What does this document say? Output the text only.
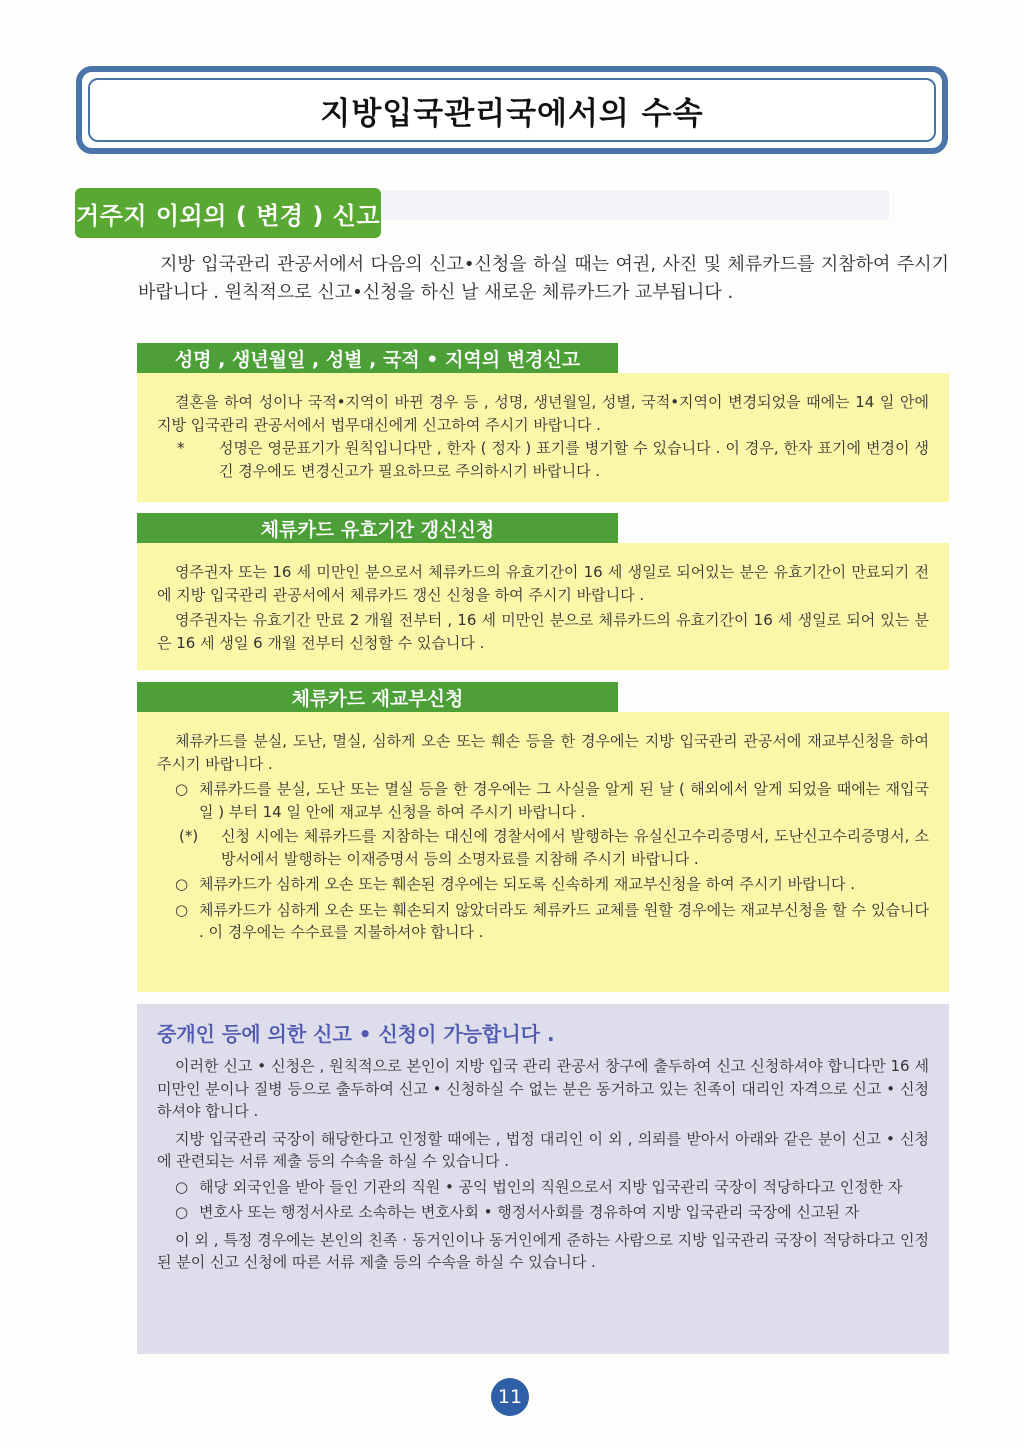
지방입국관리국에서의 수속
거주지 이외의 ( 변경 ) 신고

지방 입국관리 관공서에서 다음의 신고•신청을 하실 때는 여권, 사진 및 체류카드를 지참하여 주시기 바랍니다 . 원칙적으로 신고•신청을 하신 날 새로운 체류카드가 교부됩니다 .

성명 , 생년월일 , 성별 , 국적 • 지역의 변경신고

결혼을 하여 성이나 국적•지역이 바뀐 경우 등 , 성명, 생년월일, 성별, 국적•지역이 변경되었을 때에는 14 일 안에 지방 입국관리 관공서에서 법무대신에게 신고하여 주시기 바랍니다 .

*	성명은 영문표기가 원칙입니다만 , 한자 ( 정자 ) 표기를 병기할 수 있습니다 . 이 경우, 한자 표기에 변경이 생긴 경우에도 변경신고가 필요하므로 주의하시기 바랍니다 .

체류카드 유효기간 갱신신청

영주권자 또는 16 세 미만인 분으로서 체류카드의 유효기간이 16 세 생일로 되어있는 분은 유효기간이 만료되기 전에 지방 입국관리 관공서에서 체류카드 갱신 신청을 하여 주시기 바랍니다 .

영주권자는 유효기간 만료 2 개월 전부터 , 16 세 미만인 분으로 체류카드의 유효기간이 16 세 생일로 되어 있는 분은 16 세 생일 6 개월 전부터 신청할 수 있습니다 .

체류카드 재교부신청

체류카드를 분실, 도난, 멸실, 심하게 오손 또는 훼손 등을 한 경우에는 지방 입국관리 관공서에 재교부신청을 하여 주시기 바랍니다 .

○ 체류카드를 분실, 도난 또는 멸실 등을 한 경우에는 그 사실을 알게 된 날 ( 해외에서 알게 되었을 때에는 재입국일 ) 부터 14 일 안에 재교부 신청을 하여 주시기 바랍니다 .

(*) 신청 시에는 체류카드를 지참하는 대신에 경찰서에서 발행하는 유실신고수리증명서, 도난신고수리증명서, 소방서에서 발행하는 이재증명서 등의 소명자료를 지참해 주시기 바랍니다 .

○ 체류카드가 심하게 오손 또는 훼손된 경우에는 되도록 신속하게 재교부신청을 하여 주시기 바랍니다 .

○ 체류카드가 심하게 오손 또는 훼손되지 않았더라도 체류카드 교체를 원할 경우에는 재교부신청을 할 수 있습니다 . 이 경우에는 수수료를 지불하셔야 합니다 .

중개인 등에 의한 신고 • 신청이 가능합니다 .

이러한 신고 • 신청은 , 원칙적으로 본인이 지방 입국 관리 관공서 창구에 출두하여 신고 신청하셔야 합니다만 16 세 미만인 분이나 질병 등으로 출두하여 신고 • 신청하실 수 없는 분은 동거하고 있는 친족이 대리인 자격으로 신고 • 신청하셔야 합니다 .

지방 입국관리 국장이 해당한다고 인정할 때에는 , 법정 대리인 이 외 , 의뢰를 받아서 아래와 같은 분이 신고 • 신청에 관련되는 서류 제출 등의 수속을 하실 수 있습니다 .

○ 해당 외국인을 받아 들인 기관의 직원 • 공익 법인의 직원으로서 지방 입국관리 국장이 적당하다고 인정한 자

○ 변호사 또는 행정서사로 소속하는 변호사회 • 행정서사회를 경유하여 지방 입국관리 국장에 신고된 자

이 외 , 특정 경우에는 본인의 친족 · 동거인이나 동거인에게 준하는 사람으로 지방 입국관리 국장이 적당하다고 인정된 분이 신고 신청에 따른 서류 제출 등의 수속을 하실 수 있습니다 .

11
